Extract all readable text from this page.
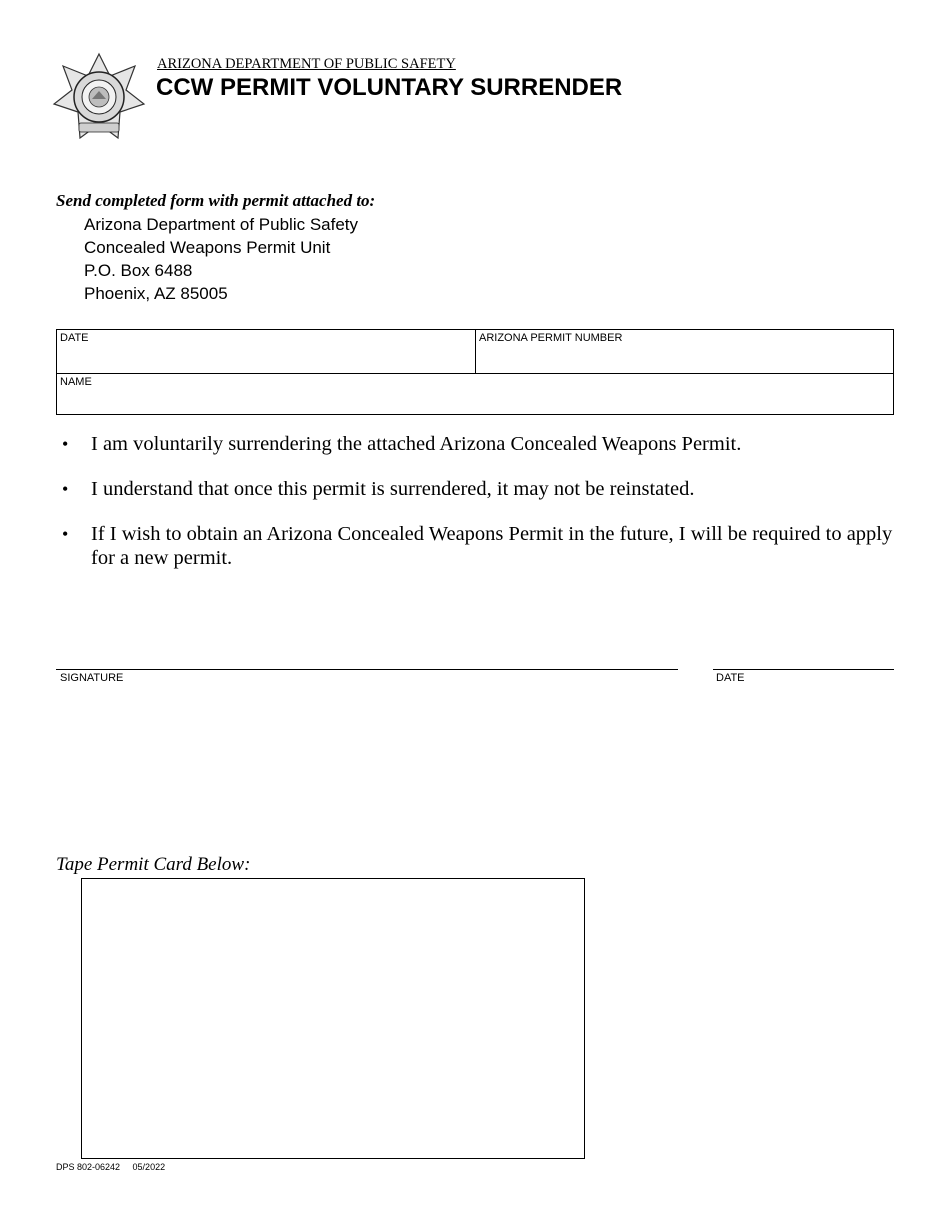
ARIZONA DEPARTMENT OF PUBLIC SAFETY
CCW PERMIT VOLUNTARY SURRENDER
Send completed form with permit attached to:
Arizona Department of Public Safety
Concealed Weapons Permit Unit
P.O. Box 6488
Phoenix, AZ 85005
DATE	ARIZONA PERMIT NUMBER
NAME
• I am voluntarily surrendering the attached Arizona Concealed Weapons Permit.
• I understand that once this permit is surrendered, it may not be reinstated.
• If I wish to obtain an Arizona Concealed Weapons Permit in the future, I will be required to apply for a new permit.
SIGNATURE	DATE
Tape Permit Card Below:
DPS 802-06242     05/2022
